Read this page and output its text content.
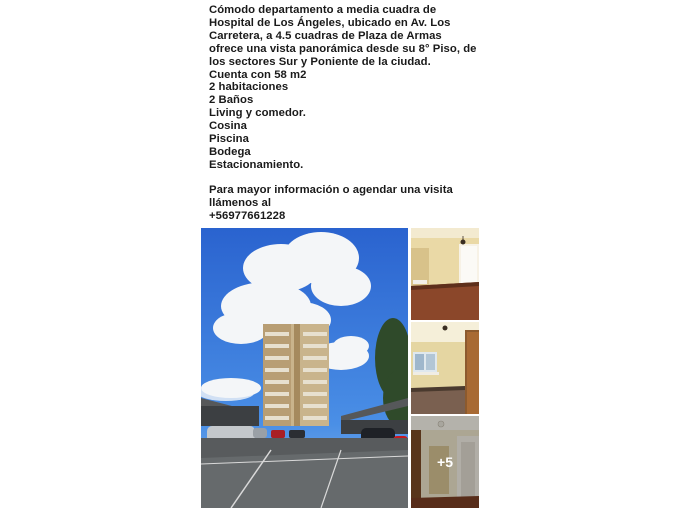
Cómodo departamento a media cuadra de
Hospital de Los Ángeles, ubicado en Av. Los
Carretera, a 4.5 cuadras de Plaza de Armas
ofrece una vista panorámica desde su 8° Piso, de
los sectores Sur y Poniente de la ciudad.
Cuenta con 58 m2
2 habitaciones
2 Baños
Living y comedor.
Cosina
Piscina
Bodega
Estacionamiento.
Para mayor información o agendar una visita
llámenos al
+56977661228
+5
